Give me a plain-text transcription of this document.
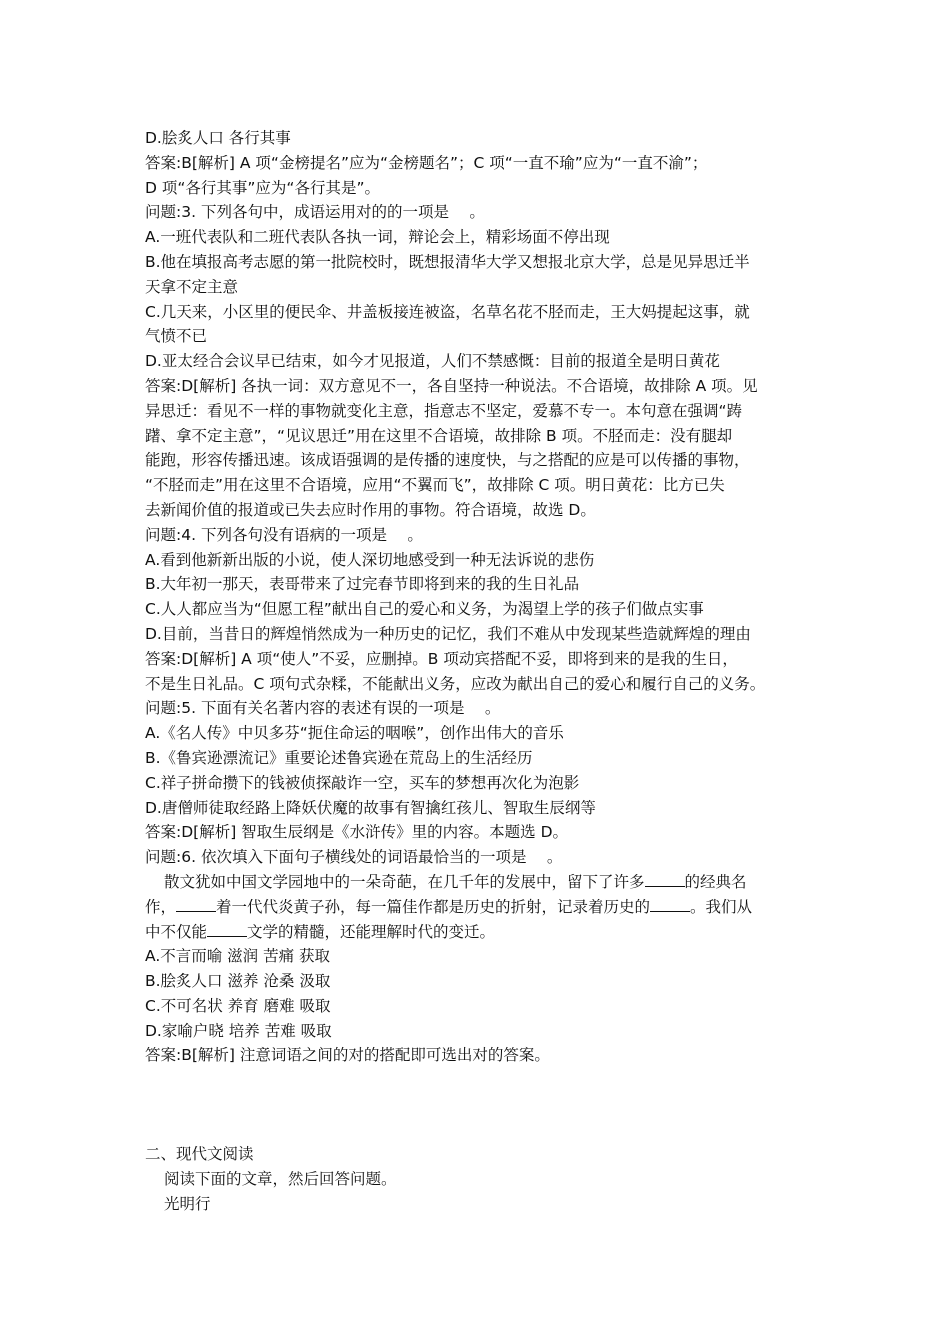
D.脍炙人口 各行其事
答案:B[解析] A 项“金榜提名”应为“金榜题名”；C 项“一直不瑜”应为“一直不渝”；
D 项“各行其事”应为“各行其是”。
问题:3. 下列各句中，成语运用对的的一项是　 。
A.一班代表队和二班代表队各执一词，辩论会上，精彩场面不停出现
B.他在填报高考志愿的第一批院校时，既想报清华大学又想报北京大学，总是见异思迁半
天拿不定主意
C.几天来，小区里的便民伞、井盖板接连被盗，名草名花不胫而走，王大妈提起这事，就
气愤不已
D.亚太经合会议早已结束，如今才见报道，人们不禁感慨：目前的报道全是明日黄花
答案:D[解析] 各执一词：双方意见不一，各自坚持一种说法。不合语境，故排除 A 项。见
异思迁：看见不一样的事物就变化主意，指意志不坚定，爱慕不专一。本句意在强调“踌
躇、拿不定主意”，“见议思迁”用在这里不合语境，故排除 B 项。不胫而走：没有腿却
能跑，形容传播迅速。该成语强调的是传播的速度快，与之搭配的应是可以传播的事物，
“不胫而走”用在这里不合语境，应用“不翼而飞”，故排除 C 项。明日黄花：比方已失
去新闻价值的报道或已失去应时作用的事物。符合语境，故选 D。
问题:4. 下列各句没有语病的一项是　 。
A.看到他新新出版的小说，使人深切地感受到一种无法诉说的悲伤
B.大年初一那天，表哥带来了过完春节即将到来的我的生日礼品
C.人人都应当为“但愿工程”献出自己的爱心和义务，为渴望上学的孩子们做点实事
D.目前，当昔日的辉煌悄然成为一种历史的记忆，我们不难从中发现某些造就辉煌的理由
答案:D[解析] A 项“使人”不妥，应删掉。B 项动宾搭配不妥，即将到来的是我的生日，
不是生日礼品。C 项句式杂糅，不能献出义务，应改为献出自己的爱心和履行自己的义务。
问题:5. 下面有关名著内容的表述有误的一项是　 。
A.《名人传》中贝多芬“扼住命运的咽喉”，创作出伟大的音乐
B.《鲁宾逊漂流记》重要论述鲁宾逊在荒岛上的生活经历
C.祥子拼命攒下的钱被侦探敲诈一空，买车的梦想再次化为泡影
D.唐僧师徒取经路上降妖伏魔的故事有智擒红孩儿、智取生辰纲等
答案:D[解析] 智取生辰纲是《水浒传》里的内容。本题选 D。
问题:6. 依次填入下面句子横线处的词语最恰当的一项是　 。
散文犹如中国文学园地中的一朵奇葩，在几千年的发展中，留下了许多	的经典名
作，	着一代代炎黄子孙，每一篇佳作都是历史的折射，记录着历史的	。我们从
中不仅能	文学的精髓，还能理解时代的变迁。
A.不言而喻 滋润 苦痛 获取
B.脍炙人口 滋养 沧桑 汲取
C.不可名状 养育 磨难 吸取
D.家喻户晓 培养 苦难 吸取
答案:B[解析] 注意词语之间的对的搭配即可选出对的答案。
二、现代文阅读
阅读下面的文章，然后回答问题。
光明行
